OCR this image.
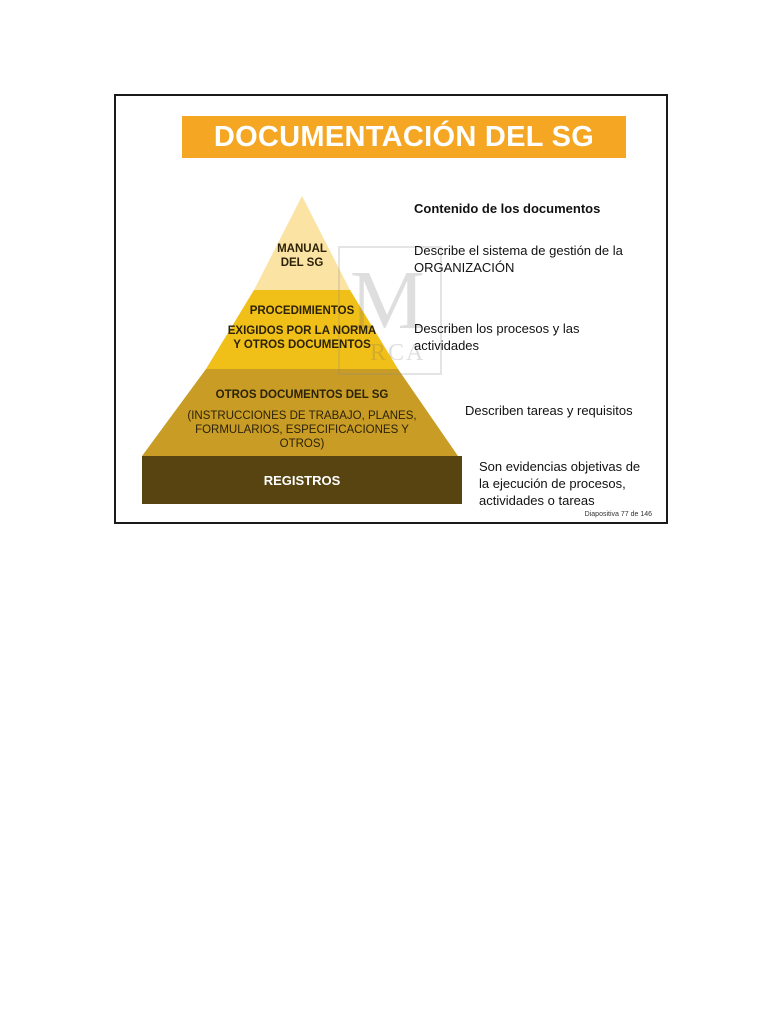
DOCUMENTACIÓN DEL SG
M
RCA
MANUAL
DEL SG
PROCEDIMIENTOS
EXIGIDOS POR LA NORMA
Y OTROS DOCUMENTOS
OTROS DOCUMENTOS DEL SG
(INSTRUCCIONES DE TRABAJO, PLANES,
FORMULARIOS, ESPECIFICACIONES Y
OTROS)
REGISTROS
Contenido de los documentos
Describe el sistema de gestión de la
ORGANIZACIÓN
Describen los procesos y las
actividades
Describen tareas y requisitos
Son evidencias objetivas de
la ejecución de procesos,
actividades o tareas
Diapositiva 77 de 146
